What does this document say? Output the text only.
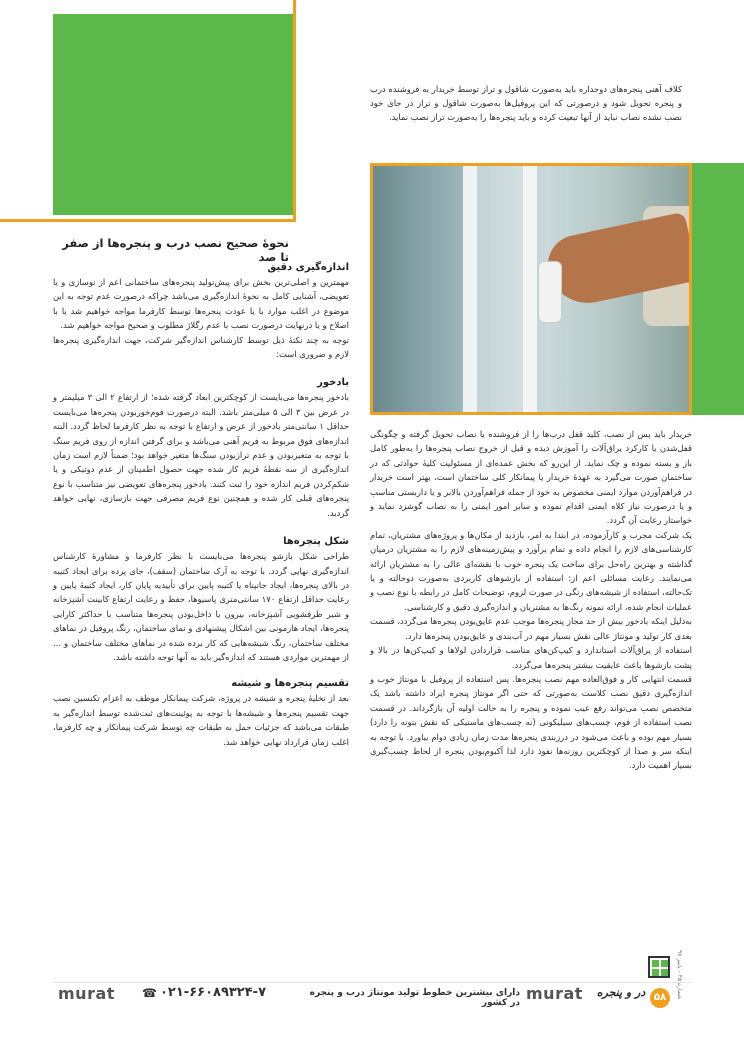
کلاف آهنی پنجره‌های دوجداره باید به‌صورت شاقول و تراز توسط خریدار به فروشنده درب و پنجره تحویل شود و درصورتی که این پروفیل‌ها به‌صورت شاقول و تراز در جای خود نصب نشده نصاب نباید از آنها تبعیت کرده و باید پنجره‌ها را به‌صورت تراز نصب نماید.

نحوۀ صحیح نصب درب و پنجره‌ها از صفر تا صد
اندازه‌گیری دقیق

مهمترین و اصلی‌ترین بخش برای پیش‌تولید پنجره‌های ساختمانی اعم از نوسازی و یا تعویضی، آشنایی کامل به نحوۀ اندازه‌گیری می‌باشد چراکه درصورت عدم توجه به این موضوع در اغلب موارد با یا عودت پنجره‌ها توسط کارفرما مواجه خواهیم شد یا با اصلاح و یا درنهایت درصورت نصب با عدم رگلاژ مطلوب و صحیح مواجه خواهیم شد.

توجه به چند نکتۀ ذیل توسط کارشناس اندازه‌گیر شرکت، جهت اندازه‌گیری پنجره‌ها لازم و ضروری است:

بادخور

بادخور پنجره‌ها می‌بایست از کوچکترین ابعاد گرفته شده؛ از ارتفاع ۲ الی ۳ میلیمتر و در عرض بین ۳ الی ۵ میلی‌متر باشد. البته درصورت فوم‌خوربودن پنجره‌ها می‌بایست حداقل ۱ سانتی‌متر بادخور از عرض و ارتفاع با توجه به نظر کارفرما لحاظ گردد. البته اندازه‌های فوق مربوط به فریم آهنی می‌باشد و برای گرفتن اندازه از روی فریم سنگ با توجه به متغیربودن و عدم ترازبودن سنگ‌ها متغیر خواهد بود؛ ضمناً لازم است زمان اندازه‌گیری از سه نقطۀ فریم کار شده جهت حصول اطمینان از عدم دوتیکی و یا شکم‌کردن فریم اندازه خود را ثبت کنند. بادخور پنجره‌های تعویضی نیز متناسب با نوع پنجره‌های قبلی کار شده و همچنین نوع فریم مصرفی جهت بازسازی، نهایی خواهد گردید.

شکل پنجره‌ها

طراحی شکل بازشو پنجره‌ها می‌بایست با نظر کارفرما و مشاورۀ کارشناس اندازه‌گیری نهایی گردد. با توجه به آرک ساختمان (سقف)، جای پرده برای ایجاد کتیبه در بالای پنجره‌ها، ایجاد جانپناه یا کتیبه پایین برای تأییدیه پایان کار، ایجاد کتیبۀ پایین و رعایت حداقل ارتفاع ۱۷۰ سانتی‌متری پاسیوها، حفظ و رعایت ارتفاع کابینت آشپزخانه و شیر ظرفشویی آشپزخانه، بیرون یا داخل‌بودن پنجره‌ها متناسب با حداکثر کارایی پنجره‌ها، ایجاد هارمونی بین اشکال پیشنهادی و نمای ساختمان، رنگ پروفیل در نماهای مختلف ساختمان، رنگ شیشه‌هایی که کار برده شده در نماهای مختلف ساختمان و ... از مهمترین مواردی هستند که اندازه‌گیر باید به آنها توجه داشته باشد.

تقسیم پنجره‌ها و شیشه

بعد از تخلیۀ پنجره و شیشه در پروژه، شرکت پیمانکار موظف به اعزام تکنسین نصب جهت تقسیم پنجره‌ها و شیشه‌ها با توجه به پوئینت‌های ثبت‌شده توسط اندازه‌گیر به طبقات می‌باشد که جزئیات حمل به طبقات چه توسط شرکت پیمانکار و چه کارفرما، اغلب زمان قرارداد نهایی خواهد شد.

خریدار باید پس از نصب، کلید قفل درب‌ها را از فروشنده یا نصاب تحویل گرفته و چگونگی قفل‌شدن یا کارکرد یراق‌آلات را آموزش دیده و قبل از خروج نصاب پنجره‌ها را به‌طور کامل باز و بسته نموده و چک نماید. از این‌رو که بخش عمده‌ای از مسئولیت کلیۀ حوادثی که در ساختمان صورت می‌گیرد به عهدۀ خریدار یا پیمانکار کلی ساختمان است، بهتر است خریدار در فراهم‌آوردن موارد ایمنی مخصوص به خود از جمله فراهم‌آوردن بالابر و یا داربستی مناسب و یا درصورت نیاز کلاه ایمنی اقدام نموده و سایر امور ایمنی را به نصاب گوشزد نماید و خواستار رعایت آن گردد.

یک شرکت مجرب و کارآزموده، در ابتدا به امر، بازدید از مکان‌ها و پروژه‌های مشتریان، تمام کارشناسی‌های لازم را انجام داده و تمام برآورد و پیش‌زمینه‌های لازم را به مشتریان درمیان گذاشته و بهترین راه‌حل برای ساخت یک پنجره خوب با نقشه‌ای عالی را به مشتریان ارائه می‌نمایند. رعایت مسائلی اعم از: استفاده از بازشوهای کاربردی به‌صورت دوحالته و یا تک‌حالته، استفاده از شیشه‌های رنگی در صورت لزوم، توضیحات کامل در رابطه با نوع نصب و عملیات انجام شده، ارائه نمونه رنگ‌ها به مشتریان و اندازه‌گیری دقیق و کارشناسی.

به‌دلیل اینکه بادخور بیش از حد مجاز پنجره‌ها موجب عدم عایق‌بودن پنجره‌ها می‌گردد، قسمت بعدی کار تولید و مونتاژ عالی نقش بسیار مهم در آب‌بندی و عایق‌بودن پنجره‌ها دارد.

استفاده از یراق‌آلات استاندارد و کیپ‌کن‌های مناسب قراردادن لولاها و کیپ‌کن‌ها در بالا و پشت بازشوها باعث عایقیت بیشتر پنجره‌ها می‌گردد.

قسمت انتهایی کار و فوق‌العاده مهم نصب پنجره‌ها. پس استفاده از پروفیل با مونتاژ خوب و اندازه‌گیری دقیق نصب کلاست به‌صورتی که حتی اگر مونتاژ پنجره ایراد داشته باشد یک متخصص نصب می‌تواند رفع عیب نموده و پنجره را به حالت اولیه آن بازگرداند. در قسمت نصب استفاده از فوم، چسب‌های سیلیکونی (نه چسب‌های ماستیکی که نقش بتونه را دارد) بسیار مهم بوده و باعث می‌شود در درزبندی پنجره‌ها مدت زمان زیادی دوام بیاورد. با توجه به اینکه سر و صدا از کوچکترین روزنه‌ها نفوذ دارد لذا آکبوم‌بودن پنجره از لحاظ چسب‌گیری بسیار اهمیت دارد.

murat ☎ ۰۲۱-۶۶۰۸۹۳۲۴-۷	دارای بیشترین خطوط تولید مونتاژ درب و پنجره در کشور murat در و پنجره ۵۸
شماره ۴۵ - پاییز ۹۷
